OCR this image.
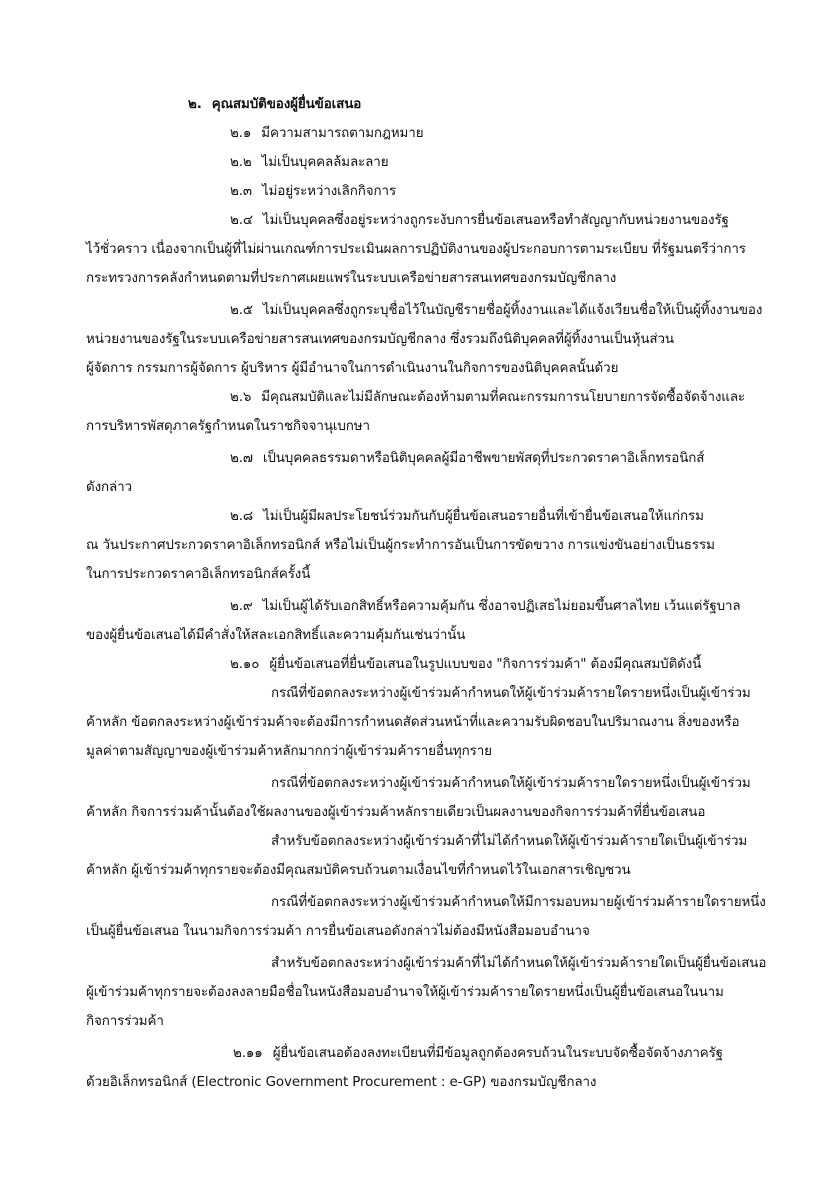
๒. คุณสมบัติของผู้ยื่นข้อเสนอ
๒.๑ มีความสามารถตามกฎหมาย
๒.๒ ไม่เป็นบุคคลล้มละลาย
๒.๓ ไม่อยู่ระหว่างเลิกกิจการ
๒.๔ ไม่เป็นบุคคลซึ่งอยู่ระหว่างถูกระงับการยื่นข้อเสนอหรือทำสัญญากับหน่วยงานของรัฐ
ไว้ชั่วคราว เนื่องจากเป็นผู้ที่ไม่ผ่านเกณฑ์การประเมินผลการปฏิบัติงานของผู้ประกอบการตามระเบียบ ที่รัฐมนตรีว่าการ
กระทรวงการคลังกำหนดตามที่ประกาศเผยแพร่ในระบบเครือข่ายสารสนเทศของกรมบัญชีกลาง
๒.๕ ไม่เป็นบุคคลซึ่งถูกระบุชื่อไว้ในบัญชีรายชื่อผู้ทิ้งงานและได้แจ้งเวียนชื่อให้เป็นผู้ทิ้งงานของ
หน่วยงานของรัฐในระบบเครือข่ายสารสนเทศของกรมบัญชีกลาง ซึ่งรวมถึงนิติบุคคลที่ผู้ทิ้งงานเป็นหุ้นส่วน
ผู้จัดการ กรรมการผู้จัดการ ผู้บริหาร ผู้มีอำนาจในการดำเนินงานในกิจการของนิติบุคคลนั้นด้วย
๒.๖ มีคุณสมบัติและไม่มีลักษณะต้องห้ามตามที่คณะกรรมการนโยบายการจัดซื้อจัดจ้างและ
การบริหารพัสดุภาครัฐกำหนดในราชกิจจานุเบกษา
๒.๗ เป็นบุคคลธรรมดาหรือนิติบุคคลผู้มีอาชีพขายพัสดุที่ประกวดราคาอิเล็กทรอนิกส์
ดังกล่าว
๒.๘ ไม่เป็นผู้มีผลประโยชน์ร่วมกันกับผู้ยื่นข้อเสนอรายอื่นที่เข้ายื่นข้อเสนอให้แก่กรม
ณ วันประกาศประกวดราคาอิเล็กทรอนิกส์ หรือไม่เป็นผู้กระทำการอันเป็นการขัดขวาง การแข่งขันอย่างเป็นธรรม
ในการประกวดราคาอิเล็กทรอนิกส์ครั้งนี้
๒.๙ ไม่เป็นผู้ได้รับเอกสิทธิ์หรือความคุ้มกัน ซึ่งอาจปฏิเสธไม่ยอมขึ้นศาลไทย เว้นแต่รัฐบาล
ของผู้ยื่นข้อเสนอได้มีคำสั่งให้สละเอกสิทธิ์และความคุ้มกันเช่นว่านั้น
๒.๑๐ ผู้ยื่นข้อเสนอที่ยื่นข้อเสนอในรูปแบบของ "กิจการร่วมค้า" ต้องมีคุณสมบัติดังนี้
กรณีที่ข้อตกลงระหว่างผู้เข้าร่วมค้ากำหนดให้ผู้เข้าร่วมค้ารายใดรายหนึ่งเป็นผู้เข้าร่วม
ค้าหลัก ข้อตกลงระหว่างผู้เข้าร่วมค้าจะต้องมีการกำหนดสัดส่วนหน้าที่และความรับผิดชอบในปริมาณงาน สิ่งของหรือ
มูลค่าตามสัญญาของผู้เข้าร่วมค้าหลักมากกว่าผู้เข้าร่วมค้ารายอื่นทุกราย
กรณีที่ข้อตกลงระหว่างผู้เข้าร่วมค้ากำหนดให้ผู้เข้าร่วมค้ารายใดรายหนึ่งเป็นผู้เข้าร่วม
ค้าหลัก กิจการร่วมค้านั้นต้องใช้ผลงานของผู้เข้าร่วมค้าหลักรายเดียวเป็นผลงานของกิจการร่วมค้าที่ยื่นข้อเสนอ
สำหรับข้อตกลงระหว่างผู้เข้าร่วมค้าที่ไม่ได้กำหนดให้ผู้เข้าร่วมค้ารายใดเป็นผู้เข้าร่วม
ค้าหลัก ผู้เข้าร่วมค้าทุกรายจะต้องมีคุณสมบัติครบถ้วนตามเงื่อนไขที่กำหนดไว้ในเอกสารเชิญชวน
กรณีที่ข้อตกลงระหว่างผู้เข้าร่วมค้ากำหนดให้มีการมอบหมายผู้เข้าร่วมค้ารายใดรายหนึ่ง
เป็นผู้ยื่นข้อเสนอ ในนามกิจการร่วมค้า การยื่นข้อเสนอดังกล่าวไม่ต้องมีหนังสือมอบอำนาจ
สำหรับข้อตกลงระหว่างผู้เข้าร่วมค้าที่ไม่ได้กำหนดให้ผู้เข้าร่วมค้ารายใดเป็นผู้ยื่นข้อเสนอ
ผู้เข้าร่วมค้าทุกรายจะต้องลงลายมือชื่อในหนังสือมอบอำนาจให้ผู้เข้าร่วมค้ารายใดรายหนึ่งเป็นผู้ยื่นข้อเสนอในนาม
กิจการร่วมค้า
๒.๑๑ ผู้ยื่นข้อเสนอต้องลงทะเบียนที่มีข้อมูลถูกต้องครบถ้วนในระบบจัดซื้อจัดจ้างภาครัฐ
ด้วยอิเล็กทรอนิกส์ (Electronic Government Procurement : e-GP) ของกรมบัญชีกลาง
